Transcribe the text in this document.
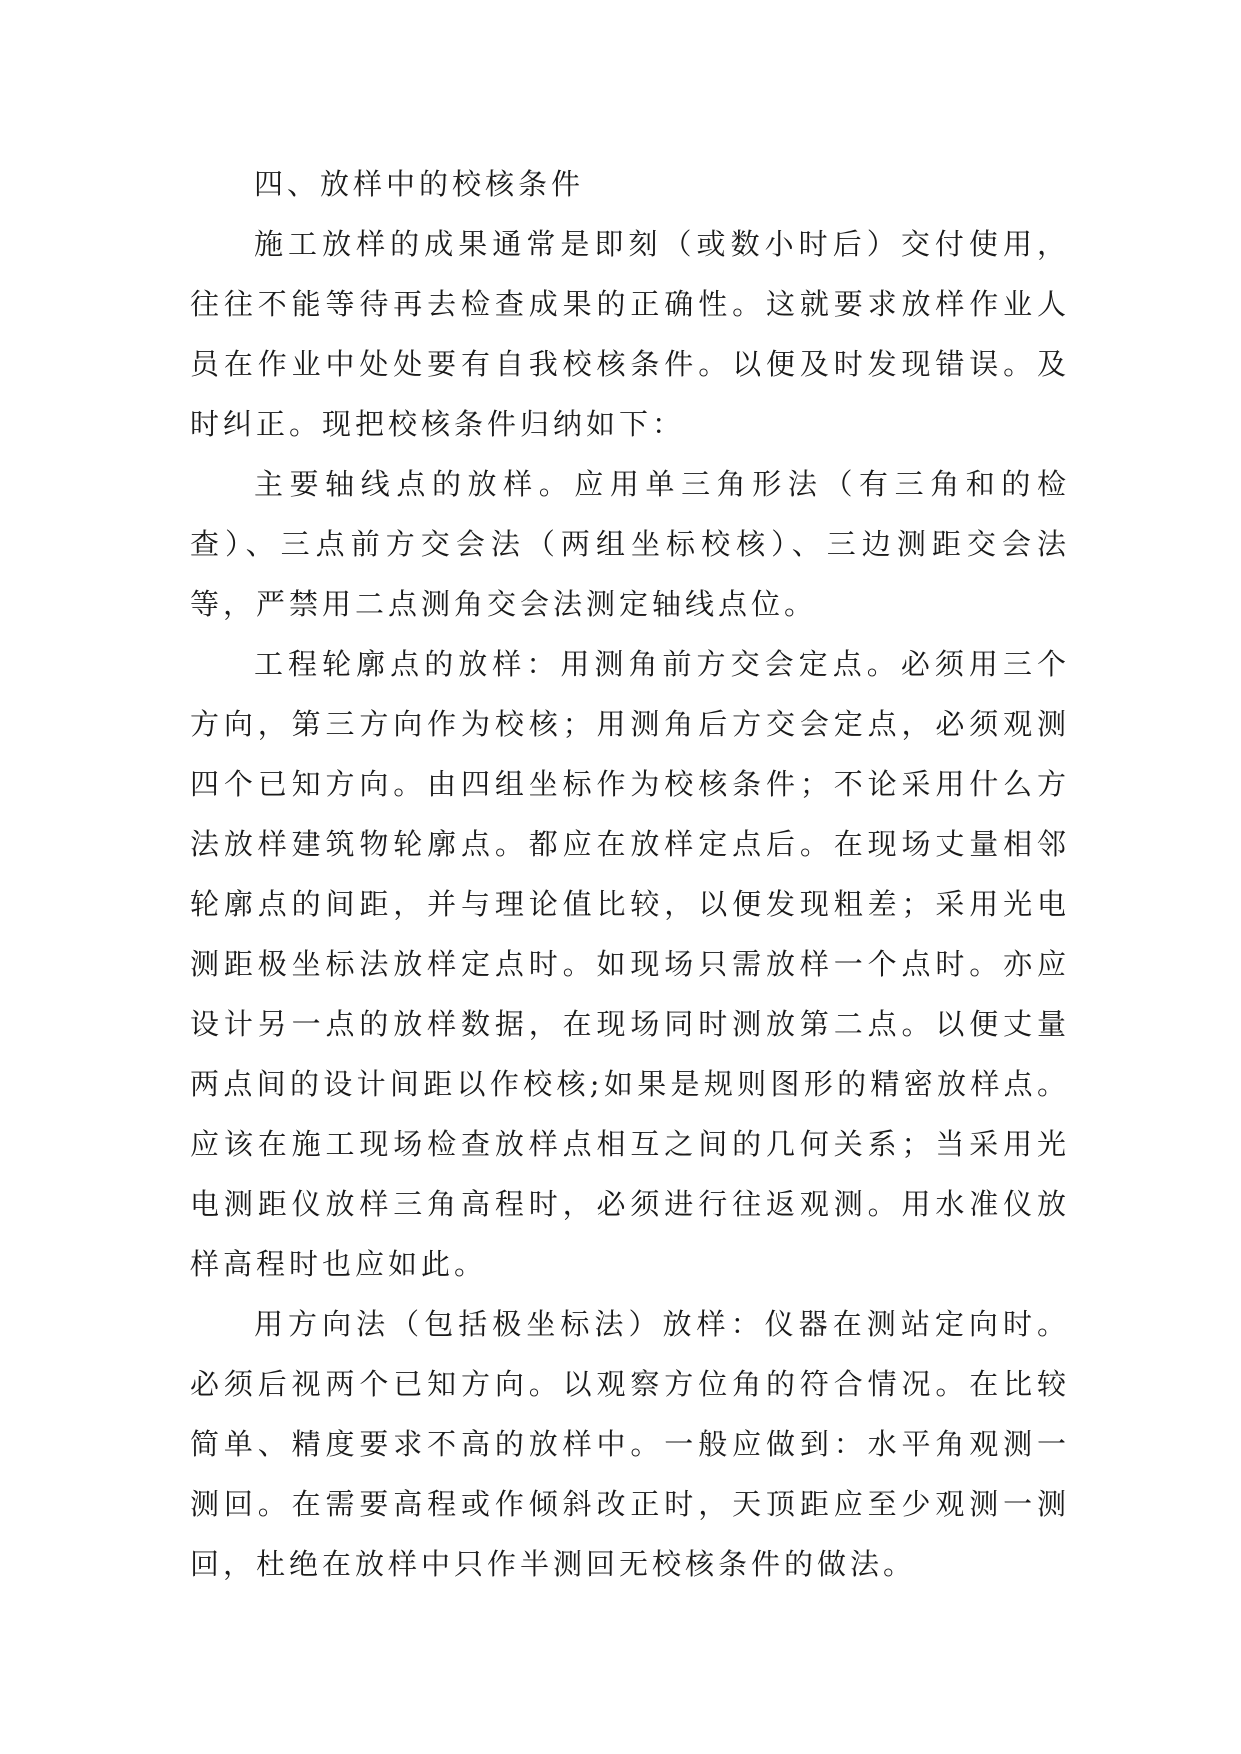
四、放样中的校核条件

施工放样的成果通常是即刻（或数小时后）交付使用，往往不能等待再去检查成果的正确性。这就要求放样作业人员在作业中处处要有自我校核条件。以便及时发现错误。及时纠正。现把校核条件归纳如下：

主要轴线点的放样。应用单三角形法（有三角和的检查）、三点前方交会法（两组坐标校核）、三边测距交会法等，严禁用二点测角交会法测定轴线点位。

工程轮廓点的放样：用测角前方交会定点。必须用三个方向，第三方向作为校核；用测角后方交会定点，必须观测四个已知方向。由四组坐标作为校核条件；不论采用什么方法放样建筑物轮廓点。都应在放样定点后。在现场丈量相邻轮廓点的间距，并与理论值比较，以便发现粗差；采用光电测距极坐标法放样定点时。如现场只需放样一个点时。亦应设计另一点的放样数据，在现场同时测放第二点。以便丈量两点间的设计间距以作校核;如果是规则图形的精密放样点。应该在施工现场检查放样点相互之间的几何关系；当采用光电测距仪放样三角高程时，必须进行往返观测。用水准仪放样高程时也应如此。

用方向法（包括极坐标法）放样：仪器在测站定向时。必须后视两个已知方向。以观察方位角的符合情况。在比较简单、精度要求不高的放样中。一般应做到：水平角观测一测回。在需要高程或作倾斜改正时，天顶距应至少观测一测回，杜绝在放样中只作半测回无校核条件的做法。
